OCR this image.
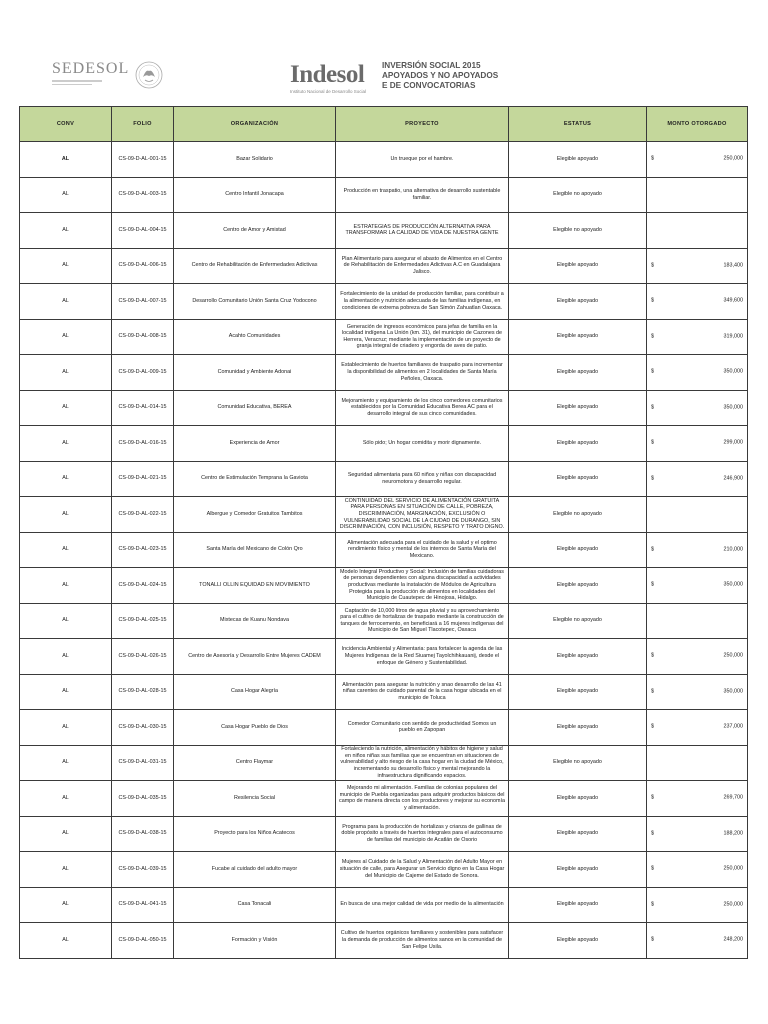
SEDESOL	Indesol
Instituto Nacional de Desarrollo Social
INVERSIÓN SOCIAL 2015
APOYADOS Y NO APOYADOS
E DE CONVOCATORIAS
CONV	FOLIO	ORGANIZACIÓN	PROYECTO	ESTATUS	MONTO OTORGADO
AL	CS-09-D-AL-001-15	Bazar Solidario	Un trueque por el hambre.	Elegible apoyado	$ 250,000

AL	CS-09-D-AL-003-15	Centro Infantil Jonacapa	Producción en traspatio, una alternativa de desarrollo sustentable familiar.	Elegible no apoyado	

AL	CS-09-D-AL-004-15	Centro de Amor y Amistad	ESTRATEGIAS DE PRODUCCIÓN ALTERNATIVA PARA TRANSFORMAR LA CALIDAD DE VIDA DE NUESTRA GENTE	Elegible no apoyado	

AL	CS-09-D-AL-006-15	Centro de Rehabilitación de Enfermedades Adictivas	Plan Alimentario para asegurar el abasto de Alimentos en el Centro de Rehabilitación de Enfermedades Adictivas A.C en Guadalajara Jalisco.	Elegible apoyado	$ 183,400

AL	CS-09-D-AL-007-15	Desarrollo Comunitario Unión Santa Cruz Yodocono	Fortalecimiento de la unidad de producción familiar, para contribuir a la alimentación y nutrición adecuada de las familias indígenas, en condiciones de extrema pobreza de San Simón Zahuatlan Oaxaca.	Elegible apoyado	$ 349,600

AL	CS-09-D-AL-008-15	Acahto Comunidades	Generación de ingresos económicos para jefas de familia en la localidad indígena La Unión (km. 31), del municipio de Cazones de Herrera, Veracruz; mediante la implementación de un proyecto de granja integral de criadero y engorda de aves de patio.	Elegible apoyado	$ 319,000

AL	CS-09-D-AL-009-15	Comunidad y Ambiente Adonai	Establecimiento de huertos familiares de traspatio para incrementar la disponibilidad de alimentos en 2 localidades de Santa María Peñoles, Oaxaca.	Elegible apoyado	$ 350,000

AL	CS-09-D-AL-014-15	Comunidad Educativa, BEREA	Mejoramiento y equipamiento de los cinco comedores comunitarios establecidos por la Comunidad Educativa Berea AC para el desarrollo integral de sus cinco comunidades.	Elegible apoyado	$ 350,000

AL	CS-09-D-AL-016-15	Experiencia de Amor	Sólo pido; Un hogar comidita y morir dignamente.	Elegible apoyado	$ 299,000

AL	CS-09-D-AL-021-15	Centro de Estimulación Temprana la Gaviota	Seguridad alimentaria para 60 niños y niñas con discapacidad neuromotora y desarrollo regular.	Elegible apoyado	$ 246,900

AL	CS-09-D-AL-022-15	Albergue y Comedor Gratuitos Tambitos	CONTINUIDAD DEL SERVICIO DE ALIMENTACIÓN GRATUITA PARA PERSONAS EN SITUACIÓN DE CALLE, POBREZA, DISCRIMINACIÓN, MARGINACIÓN, EXCLUSIÓN O VULNERABILIDAD SOCIAL DE LA CIUDAD DE DURANGO, SIN DISCRIMINACIÓN, CON INCLUSIÓN, RESPETO Y TRATO DIGNO.	Elegible no apoyado	

AL	CS-09-D-AL-023-15	Santa María del Mexicano de Colón Qro	Alimentación adecuada para el cuidado de la salud y el optimo rendimiento físico y mental de los internos de Santa María del Mexicano.	Elegible apoyado	$ 210,000

AL	CS-09-D-AL-024-15	TONALLI OLLIN EQUIDAD EN MOVIMIENTO	Modelo Integral Productivo y Social: Inclusión de familias cuidadoras de personas dependientes con alguna discapacidad a actividades productivas mediante la instalación de Módulos de Agricultura Protegida para la producción de alimentos en localidades del Municipio de Cuautepec de Hinojosa, Hidalgo.	Elegible apoyado	$ 350,000

AL	CS-09-D-AL-025-15	Mixtecas de Kuanu Nondava	Captación de 10,000 litros de agua pluvial y su aprovechamiento para el cultivo de hortalizas de traspatio mediante la construcción de tanques de ferrocemento, en beneficiará a 16 mujeres indígenas del Municipio de San Miguel Tlacotepec, Oaxaca	Elegible no apoyado	

AL	CS-09-D-AL-026-15	Centro de Asesoría y Desarrollo Entre Mujeres CADEM	Incidencia Ambiental y Alimentaria: para fortalecer la agenda de las Mujeres Indígenas de la Red Siuamej Tayolchihkauanij, desde el enfoque de Género y Sustentabilidad.	Elegible apoyado	$ 250,000

AL	CS-09-D-AL-028-15	Casa Hogar Alegría	Alimentación para asegurar la nutrición y snao desarrollo de las 41 niñas carentes de cuidado parental de la casa hogar ubicada en el municipio de Toluca	Elegible apoyado	$ 350,000

AL	CS-09-D-AL-030-15	Casa Hogar Pueblo de Dios	Comedor Comunitario con sentido de productividad Somos un pueblo en Zapopan	Elegible apoyado	$ 237,000

AL	CS-09-D-AL-031-15	Centro Flaymar	Fortaleciendo la nutrición, alimentación y hábitos de higiene y salud en niños niñas sus familias que se encuentran en situaciones de vulnerabilidad y alto riesgo de la casa hogar en la ciudad de México, incrementando su desarrollo físico y mental mejorando la infraestructura dignificando espacios.	Elegible no apoyado	

AL	CS-09-D-AL-035-15	Resilencia Social	Mejorando mi alimentación. Familias de colonias populares del municipio de Puebla organizadas para adquirir productos básicos del campo de manera directa con los productores y mejorar su economía y alimentación.	Elegible apoyado	$ 269,700

AL	CS-09-D-AL-038-15	Proyecto para los Niños Acatecos	Programa para la producción de hortalizas y crianza de gallinas de doble propósito a través de huertos integrales para el autoconsumo de familias del municipio de Acatlán de Osorio	Elegible apoyado	$ 188,200

AL	CS-09-D-AL-039-15	Fucabe al cuidado del adulto mayor	Mujeres al Cuidado de la Salud y Alimentación del Adulto Mayor en situación de calle, para Asegurar un Servicio digno en la Casa Hogar del Municipio de Cajeme del Estado de Sonora.	Elegible apoyado	$ 250,000

AL	CS-09-D-AL-041-15	Casa Tonacali	En busca de una mejor calidad de vida por medio de la alimentación	Elegible apoyado	$ 250,000

AL	CS-09-D-AL-050-15	Formación y Visión	Cultivo de huertos orgánicos familiares y sostenibles para satisfacer la demanda de producción de alimentos sanos en la comunidad de San Felipe Usila.	Elegible apoyado	$ 248,200
